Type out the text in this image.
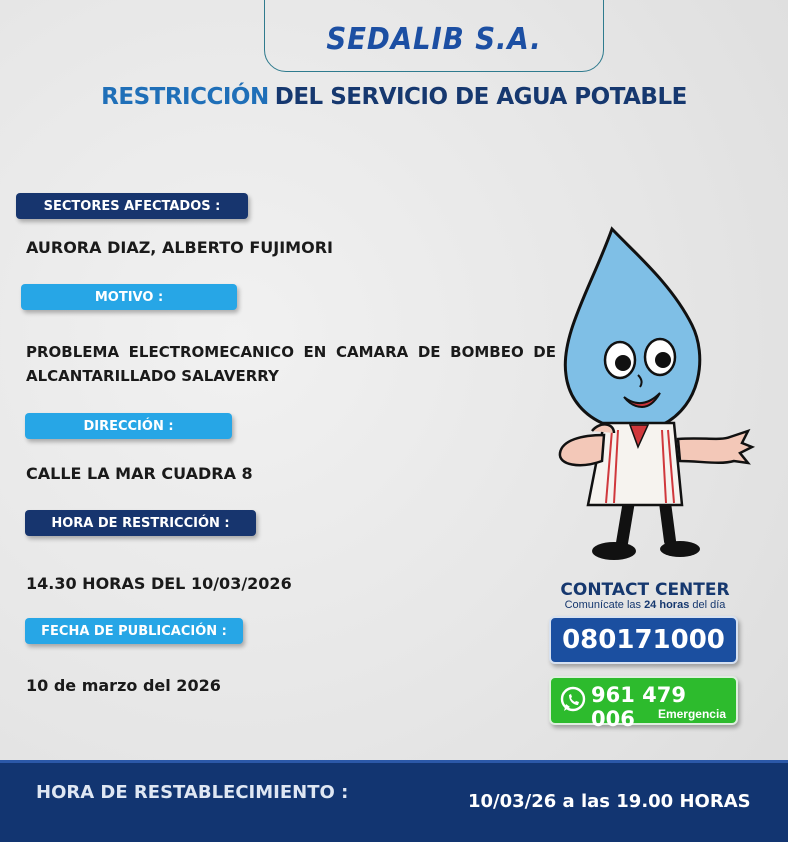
SEDALIB S.A.
RESTRICCIÓN DEL SERVICIO DE AGUA POTABLE
SECTORES AFECTADOS :
AURORA DIAZ, ALBERTO FUJIMORI
MOTIVO :
PROBLEMA ELECTROMECANICO EN CAMARA DE BOMBEO DE ALCANTARILLADO SALAVERRY
DIRECCIÓN :
CALLE LA MAR CUADRA 8
HORA DE RESTRICCIÓN :
14.30 HORAS DEL 10/03/2026
FECHA DE PUBLICACIÓN :
10 de marzo del 2026
CONTACT CENTER
Comunícate las 24 horas del día
080171000
961 479 006	Emergencia
HORA DE RESTABLECIMIENTO :	10/03/26 a las 19.00 HORAS
